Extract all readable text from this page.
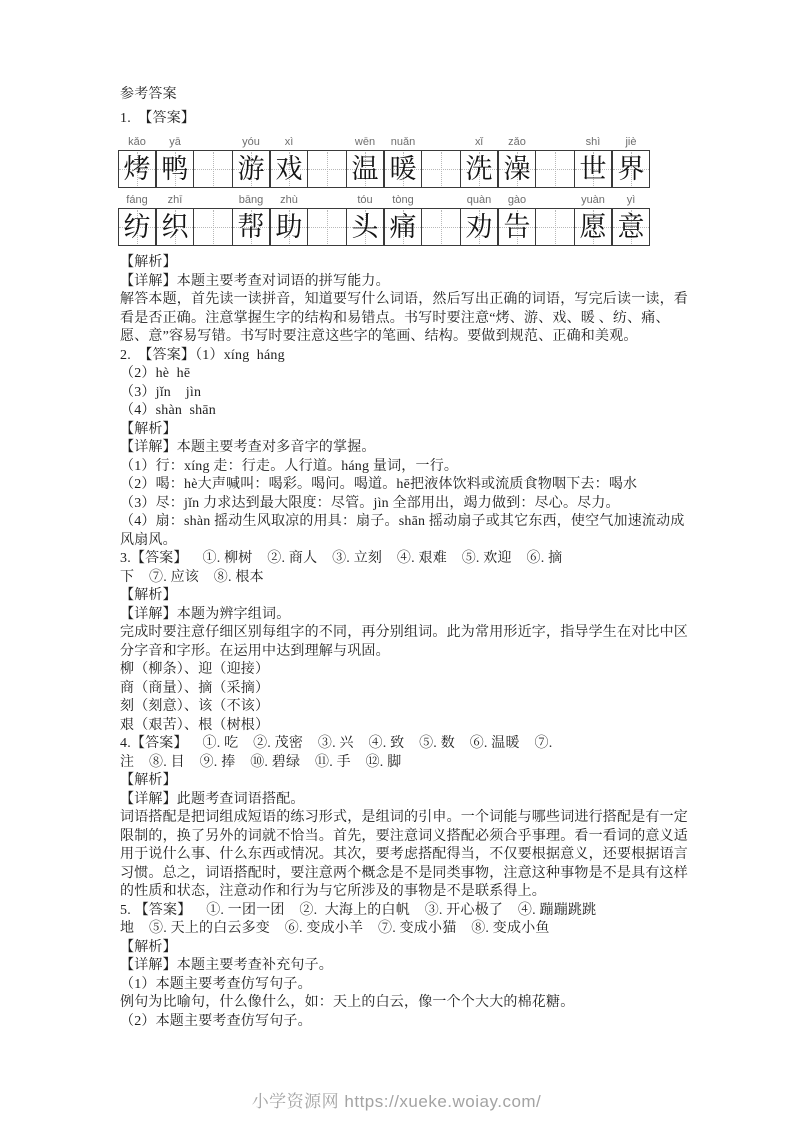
参考答案
1.  【答案】
kǎo
烤
yā
鸭
yóu
游
xì
戏
wēn
温
nuǎn
暖
xǐ
洗
zǎo
澡
shì
世
jiè
界
fáng
纺
zhī
织
bāng
帮
zhù
助
tóu
头
tòng
痛
quàn
劝
gào
告
yuàn
愿
yì
意
【解析】
【详解】本题主要考查对词语的拼写能力。
解答本题，首先读一读拼音，知道要写什么词语，然后写出正确的词语，写完后读一读，看
看是否正确。注意掌握生字的结构和易错点。书写时要注意“烤、游、戏、暖 、纺、痛、
愿、意”容易写错。书写时要注意这些字的笔画、结构。要做到规范、正确和美观。
2.  【答案】（1）xíng  háng
（2）hè  hē
（3）jǐn    jìn
（4）shàn  shān
【解析】
【详解】本题主要考查对多音字的掌握。
（1）行：xíng 走：行走。人行道。háng 量词，一行。
（2）喝：hè大声喊叫：喝彩。喝问。喝道。hē把液体饮料或流质食物咽下去：喝水
（3）尽：jǐn 力求达到最大限度：尽管。jìn 全部用出，竭力做到：尽心。尽力。
（4）扇：shàn 摇动生风取凉的用具：扇子。shān 摇动扇子或其它东西，使空气加速流动成
风扇风。
3.【答案】    ①. 柳树    ②. 商人    ③. 立刻    ④. 艰难    ⑤. 欢迎    ⑥. 摘
下    ⑦. 应该    ⑧. 根本
【解析】
【详解】本题为辨字组词。
完成时要注意仔细区别每组字的不同，再分别组词。此为常用形近字，指导学生在对比中区
分字音和字形。在运用中达到理解与巩固。
柳（柳条）、迎（迎接）
商（商量）、摘（采摘）
刻（刻意）、该（不该）
艰（艰苦）、根（树根）
4.【答案】    ①. 吃    ②. 茂密    ③. 兴    ④. 致    ⑤. 数    ⑥. 温暖    ⑦.
注    ⑧. 目    ⑨. 捧    ⑩. 碧绿    ⑪. 手    ⑫. 脚
【解析】
【详解】此题考查词语搭配。
词语搭配是把词组成短语的练习形式，是组词的引申。一个词能与哪些词进行搭配是有一定
限制的，换了另外的词就不恰当。首先，要注意词义搭配必须合乎事理。看一看词的意义适
用于说什么事、什么东西或情况。其次，要考虑搭配得当，不仅要根据意义，还要根据语言
习惯。总之，词语搭配时，要注意两个概念是不是同类事物，注意这种事物是不是具有这样
的性质和状态，注意动作和行为与它所涉及的事物是不是联系得上。
5. 【答案】    ①. 一团一团    ②.  大海上的白帆    ③. 开心极了    ④. 蹦蹦跳跳
地    ⑤. 天上的白云多变    ⑥. 变成小羊    ⑦. 变成小猫    ⑧. 变成小鱼
【解析】
【详解】本题主要考查补充句子。
（1）本题主要考查仿写句子。
例句为比喻句，什么像什么，如：天上的白云，像一个个大大的棉花糖。
（2）本题主要考查仿写句子。
小学资源网 https://xueke.woiay.com/
